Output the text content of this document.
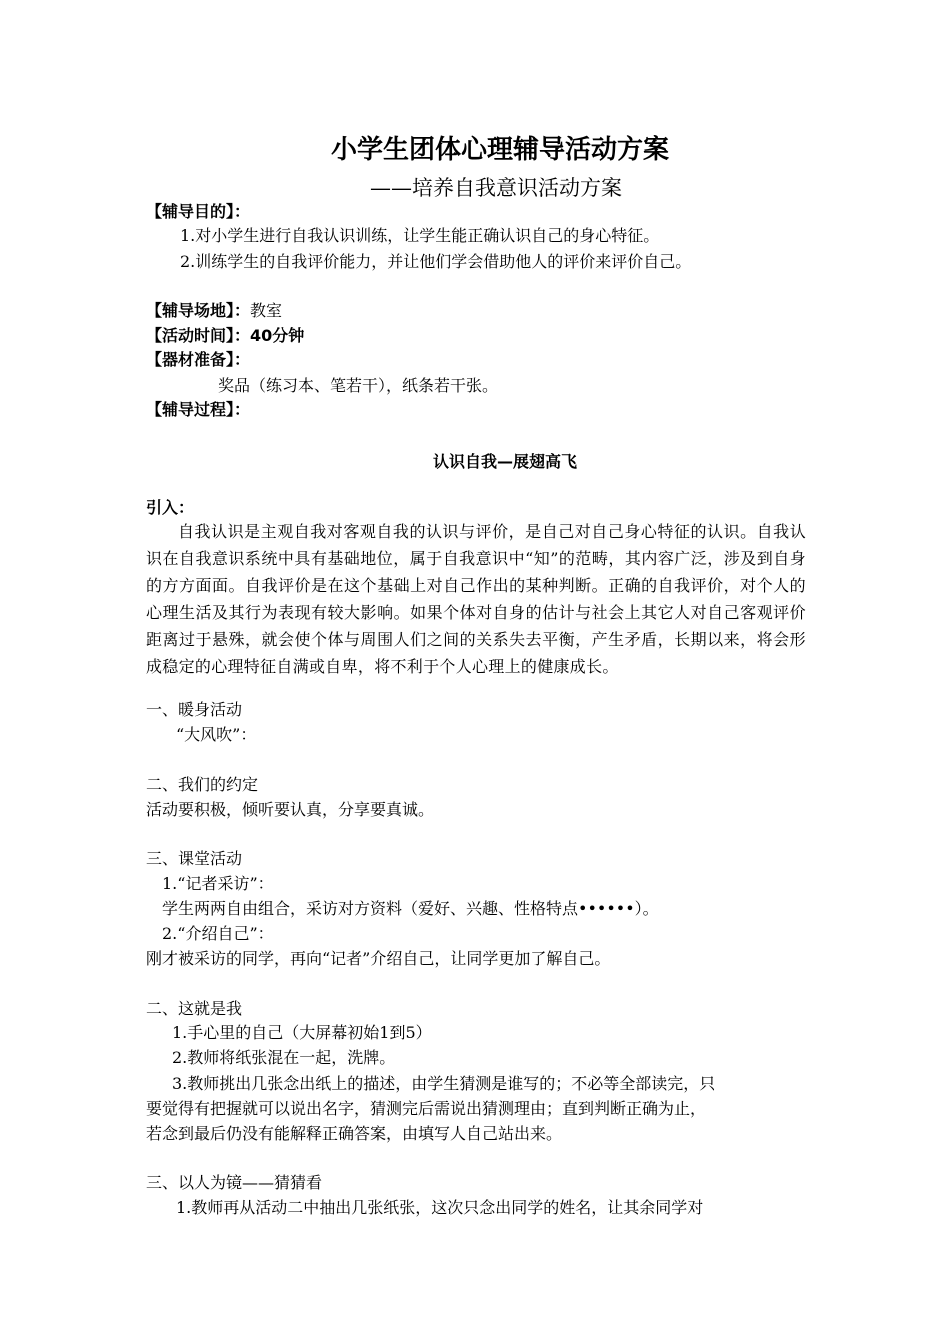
小学生团体心理辅导活动方案
——培养自我意识活动方案
【辅导目的】：
1.对小学生进行自我认识训练，让学生能正确认识自己的身心特征。
2.训练学生的自我评价能力，并让他们学会借助他人的评价来评价自己。
【辅导场地】：教室
【活动时间】：40分钟
【器材准备】：
奖品（练习本、笔若干），纸条若干张。
【辅导过程】：
认识自我—展翅高飞
引入：
自我认识是主观自我对客观自我的认识与评价，是自己对自己身心特征的认识。自我认识在自我意识系统中具有基础地位，属于自我意识中“知”的范畴，其内容广泛，涉及到自身的方方面面。自我评价是在这个基础上对自己作出的某种判断。正确的自我评价，对个人的心理生活及其行为表现有较大影响。如果个体对自身的估计与社会上其它人对自己客观评价距离过于悬殊，就会使个体与周围人们之间的关系失去平衡，产生矛盾，长期以来，将会形成稳定的心理特征自满或自卑，将不利于个人心理上的健康成长。
一、暖身活动
“大风吹”：
二、我们的约定
活动要积极，倾听要认真，分享要真诚。
三、课堂活动
1.“记者采访”：
学生两两自由组合，采访对方资料（爱好、兴趣、性格特点••••••）。
2.“介绍自己”：
刚才被采访的同学，再向“记者”介绍自己，让同学更加了解自己。
二、这就是我
1.手心里的自己（大屏幕初始1到5）
2.教师将纸张混在一起，洗牌。
3.教师挑出几张念出纸上的描述，由学生猜测是谁写的；不必等全部读完，只
要觉得有把握就可以说出名字，猜测完后需说出猜测理由；直到判断正确为止，
若念到最后仍没有能解释正确答案，由填写人自己站出来。
三、以人为镜——猜猜看
1.教师再从活动二中抽出几张纸张，这次只念出同学的姓名，让其余同学对
